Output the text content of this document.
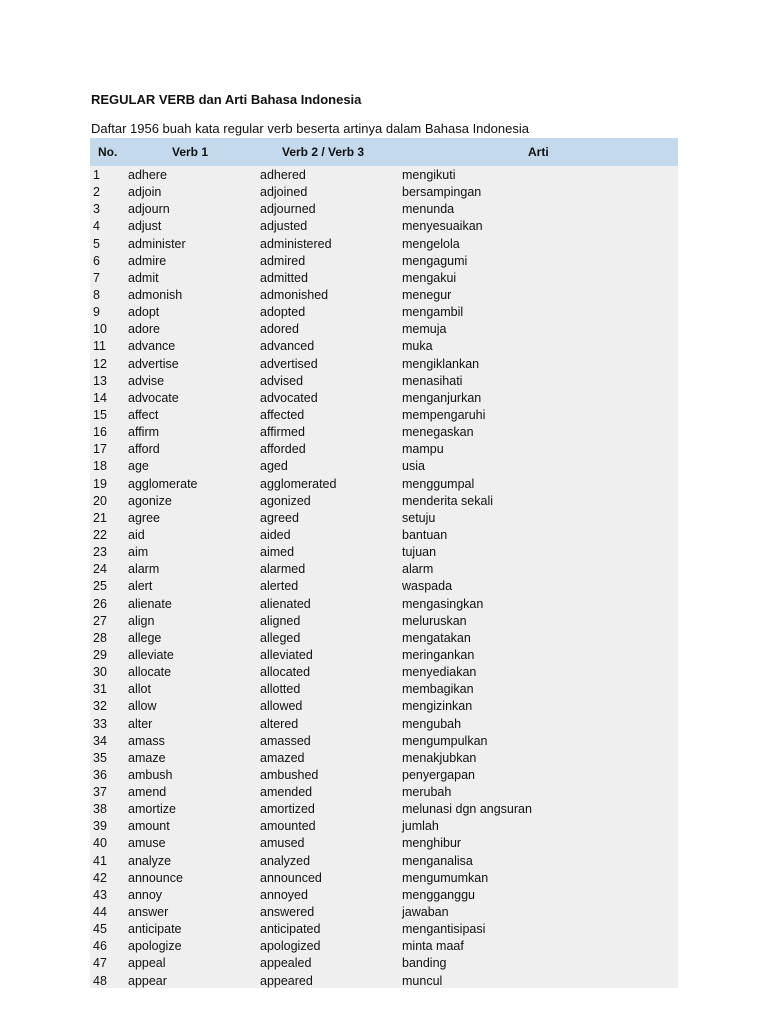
REGULAR VERB dan Arti Bahasa Indonesia

Daftar 1956 buah kata regular verb beserta artinya dalam Bahasa Indonesia

No.	Verb 1	Verb 2 / Verb 3	Arti
1 adhere	adhered	mengikuti
2 adjoin	adjoined	bersampingan
3 adjourn	adjourned	menunda
4 adjust	adjusted	menyesuaikan
5 administer	administered	mengelola
6 admire	admired	mengagumi
7 admit	admitted	mengakui
8 admonish	admonished	menegur
9 adopt	adopted	mengambil
10 adore	adored	memuja
11 advance	advanced	muka
12 advertise	advertised	mengiklankan
13 advise	advised	menasihati
14 advocate	advocated	menganjurkan
15 affect	affected	mempengaruhi
16 affirm	affirmed	menegaskan
17 afford	afforded	mampu
18 age	aged	usia
19 agglomerate	agglomerated	menggumpal
20 agonize	agonized	menderita sekali
21 agree	agreed	setuju
22 aid	aided	bantuan
23 aim	aimed	tujuan
24 alarm	alarmed	alarm
25 alert	alerted	waspada
26 alienate	alienated	mengasingkan
27 align	aligned	meluruskan
28 allege	alleged	mengatakan
29 alleviate	alleviated	meringankan
30 allocate	allocated	menyediakan
31 allot	allotted	membagikan
32 allow	allowed	mengizinkan
33 alter	altered	mengubah
34 amass	amassed	mengumpulkan
35 amaze	amazed	menakjubkan
36 ambush	ambushed	penyergapan
37 amend	amended	merubah
38 amortize	amortized	melunasi dgn angsuran
39 amount	amounted	jumlah
40 amuse	amused	menghibur
41 analyze	analyzed	menganalisa
42 announce	announced	mengumumkan
43 annoy	annoyed	mengganggu
44 answer	answered	jawaban
45 anticipate	anticipated	mengantisipasi
46 apologize	apologized	minta maaf
47 appeal	appealed	banding
48 appear	appeared	muncul
